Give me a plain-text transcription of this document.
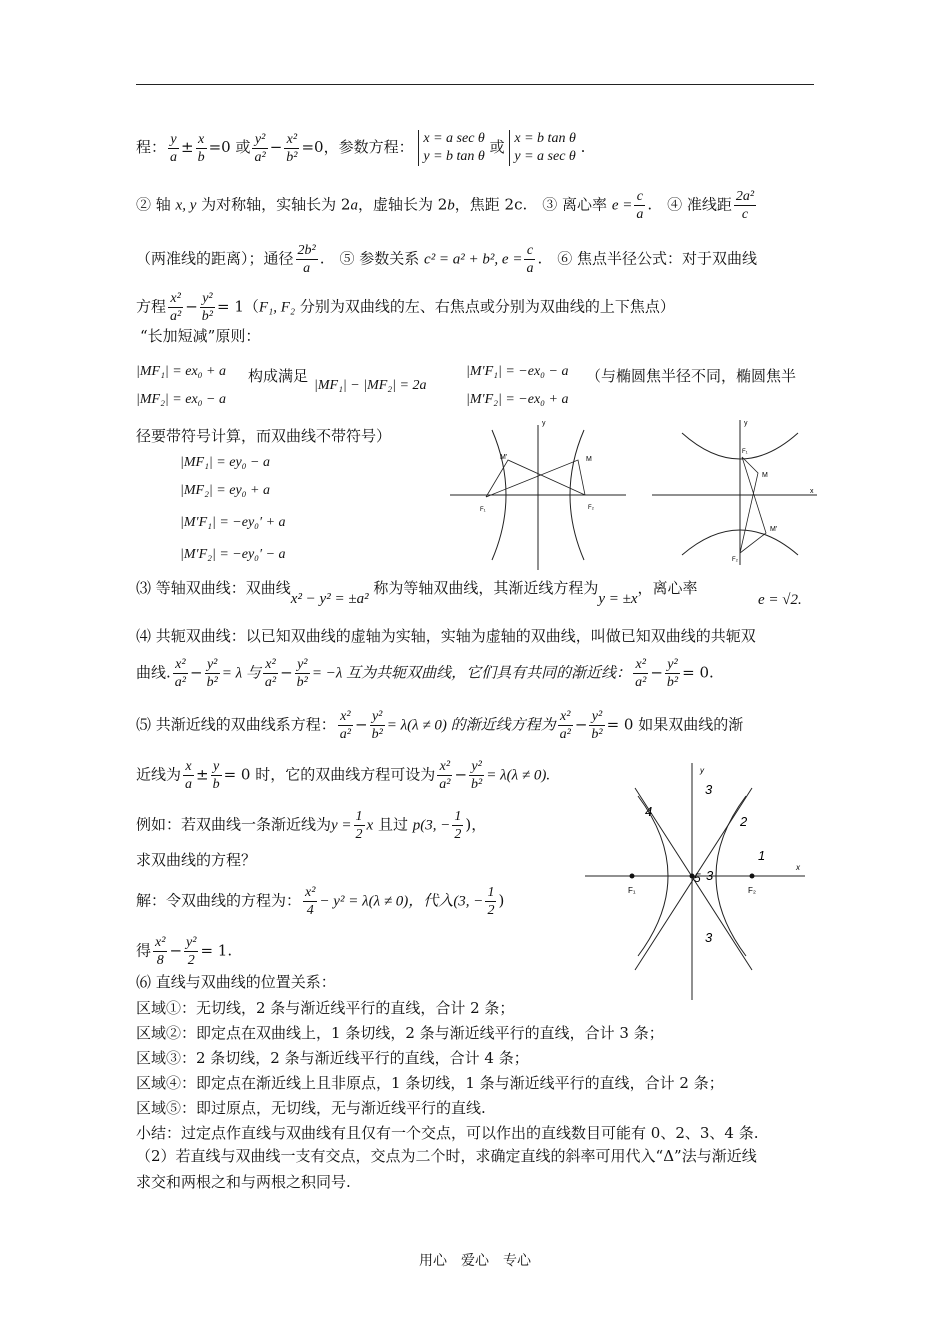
程： $\frac{y}{a} \pm \frac{x}{b} =0$ 或 $\frac{\text{y²}}{\text{a²}} - \frac{\text{x²}}{\text{b²}} =0$，参数方程： x = a sec θ
y = b tan θ
或 x = b tan θ
y = a sec θ
.
② 轴 x, y 为对称轴，实轴长为 2a，虚轴长为 2b，焦距 2c.　③ 离心率 $e = \frac{c}{a}$ .　④ 准线距 $\frac{\text{2a²}}{c}$
（两准线的距离）；通径 $\frac{\text{2b²}}{a}$ .　⑤ 参数关系 c² = a² + b², $e = \frac{c}{a}$ .　⑥ 焦点半径公式：对于双曲线
方程 $\frac{\text{x²}}{\text{a²}} - \frac{\text{y²}}{\text{b²}} = 1(F_1$, F₂ 分别为双曲线的左、右焦点或分别为双曲线的上下焦点）
“长加短减”原则：
|MF₁| = ex₀ + a
|MF₂| = ex₀ − a
构成满足
|MF₁| − |MF₂| = 2a
|M′F₁| = −ex₀ − a
|M′F₂| = −ex₀ + a
（与椭圆焦半径不同，椭圆焦半
径要带符号计算，而双曲线不带符号）
|MF₁| = ey₀ − a
|MF₂| = ey₀ + a
|M′F₁| = −ey₀′ + a
|M′F₂| = −ey₀′ − a
y
M'	M
F₁	F₂
y
x
F₁
M
M'
F₂
⑶ 等轴双曲线：双曲线x² − y² = ±a² 称为等轴双曲线，其渐近线方程为y = ±x，离心率
e = √2.
⑷ 共轭双曲线：以已知双曲线的虚轴为实轴，实轴为虚轴的双曲线，叫做已知双曲线的共轭双
曲线. $\frac{\text{x²}}{\text{a²}} - \frac{\text{y²}}{\text{b²}} = \lambda$ 与 $\frac{\text{x²}}{\text{a²}} - \frac{\text{y²}}{\text{b²}} = -\lambda$ 互为共轭双曲线，它们具有共同的渐近线： $\frac{\text{x²}}{\text{a²}} - \frac{\text{y²}}{\text{b²}} = 0$.
⑸ 共渐近线的双曲线系方程： $\frac{\text{x²}}{\text{a²}} - \frac{\text{y²}}{\text{b²}} = \lambda(\lambda \ne 0)$ 的渐近线方程为 $\frac{\text{x²}}{\text{a²}} - \frac{\text{y²}}{\text{b²}} = 0$ 如果双曲线的渐
近线为 $\frac{x}{a} \pm \frac{y}{b} = 0$ 时，它的双曲线方程可设为 $\frac{\text{x²}}{\text{a²}} - \frac{\text{y²}}{\text{b²}} = \lambda(\lambda \ne 0)$.
例如：若双曲线一条渐近线为$y = \frac{1}{2}$ x 且过 p(3, − $\frac{1}{2}$ )，
求双曲线的方程？
解：令双曲线的方程为： $\frac{\text{x²}}{4} - y^2 = \lambda(\lambda \ne 0)$，代入(3, − $\frac{1}{2}$ )
得 $\frac{\text{x²}}{8} - \frac{\text{y²}}{2} = 1$.
y
x
F₁	F₂
1
2
3
3
3
4
5
⑹ 直线与双曲线的位置关系：
区域①：无切线，2 条与渐近线平行的直线，合计 2 条；
区域②：即定点在双曲线上，1 条切线，2 条与渐近线平行的直线，合计 3 条；
区域③：2 条切线，2 条与渐近线平行的直线，合计 4 条；
区域④：即定点在渐近线上且非原点，1 条切线，1 条与渐近线平行的直线，合计 2 条；
区域⑤：即过原点，无切线，无与渐近线平行的直线.
小结：过定点作直线与双曲线有且仅有一个交点，可以作出的直线数目可能有 0、2、3、4 条.
（2）若直线与双曲线一支有交点，交点为二个时，求确定直线的斜率可用代入“Δ”法与渐近线
求交和两根之和与两根之积同号.
用心　爱心　专心
